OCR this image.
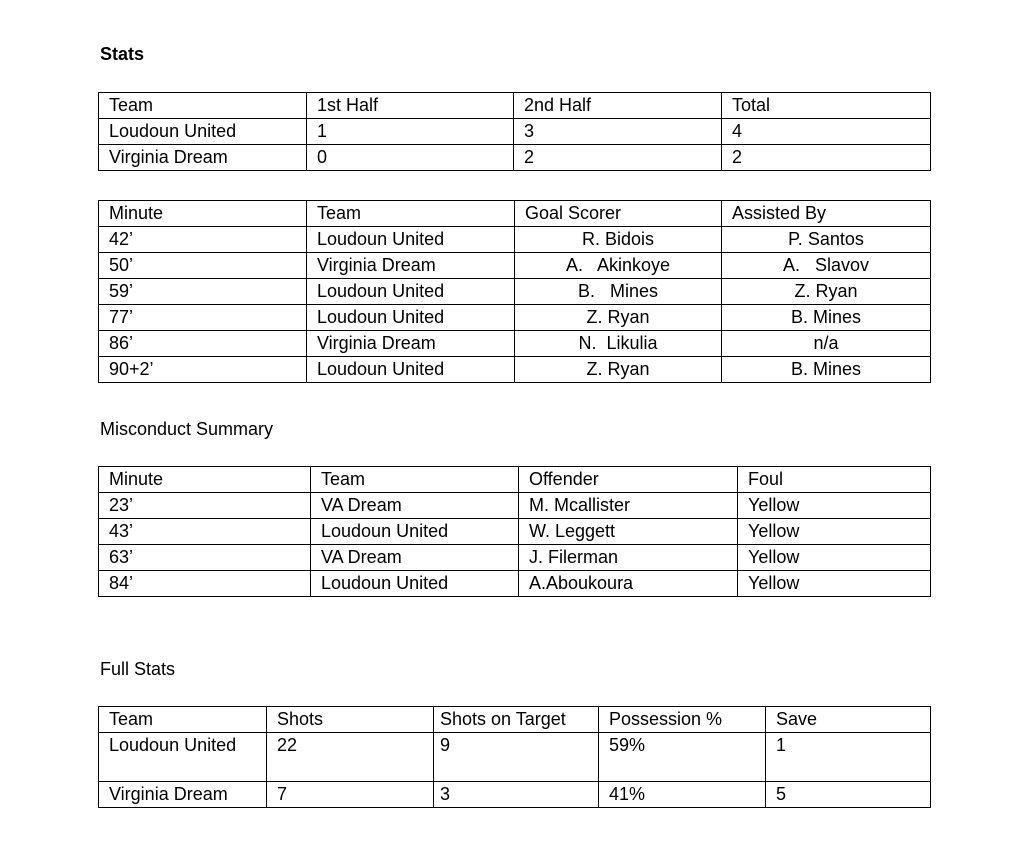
Stats
Team	1st Half	2nd Half	Total
Loudoun United	1	3	4
Virginia Dream	0	2	2
Minute	Team	Goal Scorer	Assisted By
42’	Loudoun United	R. Bidois	P. Santos
50’	Virginia Dream	A.   Akinkoye	A.   Slavov
59’	Loudoun United	B.   Mines	Z. Ryan
77’	Loudoun United	Z. Ryan	B. Mines
86’	Virginia Dream	N.  Likulia	n/a
90+2’	Loudoun United	Z. Ryan	B. Mines
Misconduct Summary
Minute	Team	Offender	Foul
23’	VA Dream	M. Mcallister	Yellow
43’	Loudoun United	W. Leggett	Yellow
63’	VA Dream	J. Filerman	Yellow
84’	Loudoun United	A.Aboukoura	Yellow
Full Stats
Team	Shots	Shots on Target	Possession %	Save
Loudoun United	22	9	59%	1
Virginia Dream	7	3	41%	5
